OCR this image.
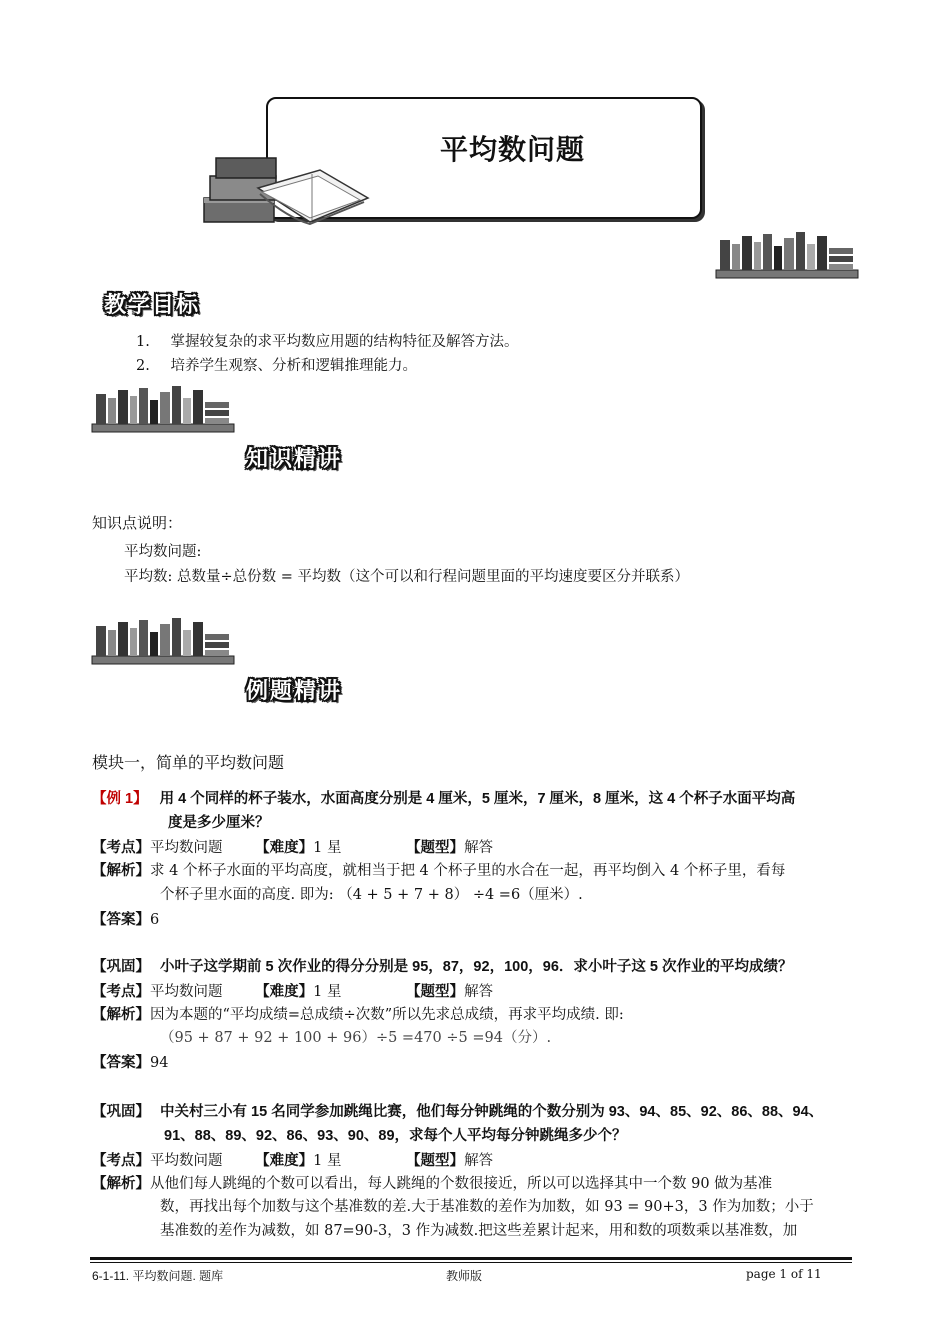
平均数问题
教学目标
1. 掌握较复杂的求平均数应用题的结构特征及解答方法。
2. 培养学生观察、分析和逻辑推理能力。
知识精讲
知识点说明：
平均数问题:
平均数: 总数量÷总份数 = 平均数（这个可以和行程问题里面的平均速度要区分并联系）
例题精讲
模块一，简单的平均数问题
【例 1】 用 4 个同样的杯子装水，水面高度分别是 4 厘米，5 厘米，7 厘米，8 厘米，这 4 个杯子水面平均高
度是多少厘米？
【考点】平均数问题 【难度】1 星	【题型】解答
【解析】求 4 个杯子水面的平均高度，就相当于把 4 个杯子里的水合在一起，再平均倒入 4 个杯子里，看每
个杯子里水面的高度. 即为: （4 + 5 + 7 + 8） ÷4 =6（厘米）.
【答案】6
【巩固】 小叶子这学期前 5 次作业的得分分别是 95，87，92，100，96．求小叶子这 5 次作业的平均成绩？
【考点】平均数问题 【难度】1 星	【题型】解答
【解析】因为本题的“平均成绩=总成绩÷次数”所以先求总成绩，再求平均成绩. 即:
（95 + 87 + 92 + 100 + 96）÷5 =470 ÷5 =94（分）.
【答案】94
【巩固】 中关村三小有 15 名同学参加跳绳比赛，他们每分钟跳绳的个数分别为 93、94、85、92、86、88、94、
91、88、89、92、86、93、90、89，求每个人平均每分钟跳绳多少个？
【考点】平均数问题 【难度】1 星	【题型】解答
【解析】从他们每人跳绳的个数可以看出，每人跳绳的个数很接近，所以可以选择其中一个数 90 做为基准
数，再找出每个加数与这个基准数的差.大于基准数的差作为加数，如 93 = 90+3，3 作为加数；小于
基准数的差作为减数，如 87=90-3，3 作为减数.把这些差累计起来，用和数的项数乘以基准数，加
6-1-11. 平均数问题. 题库	教师版	page 1 of 11
